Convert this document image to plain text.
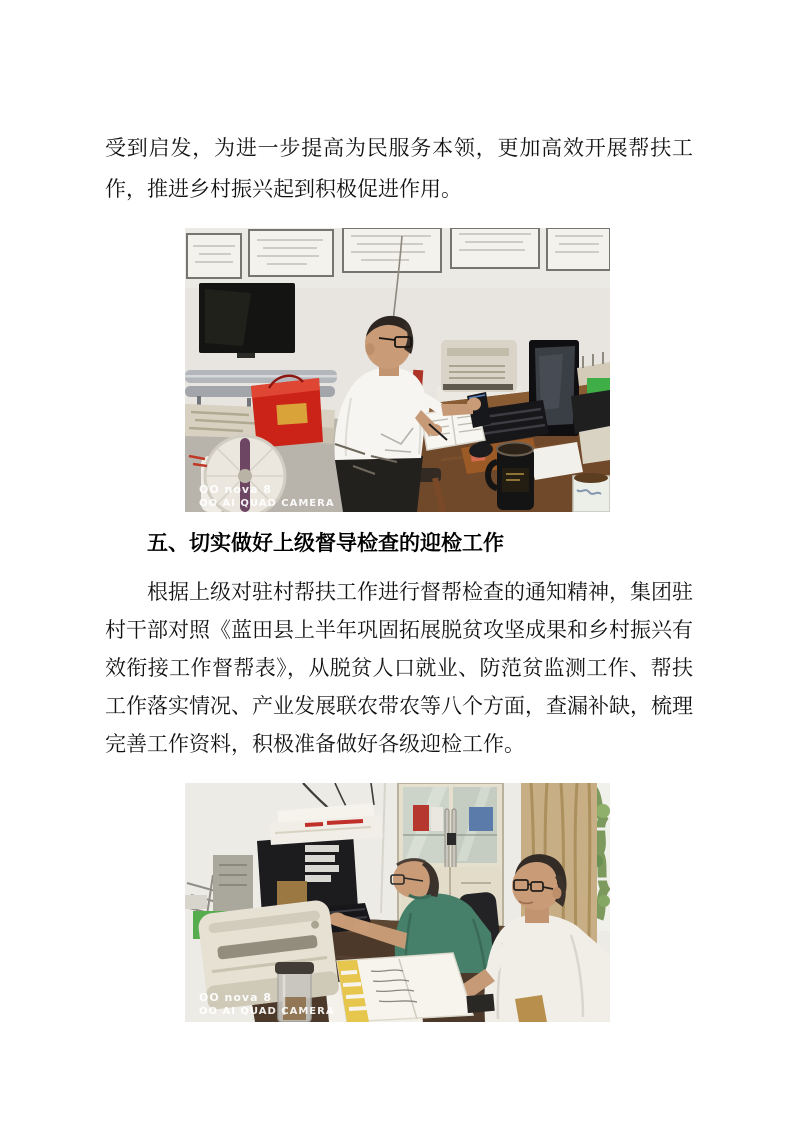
受到启发，为进一步提高为民服务本领，更加高效开展帮扶工作，推进乡村振兴起到积极促进作用。
OO nova 8
OO AI QUAD CAMERA
五、切实做好上级督导检查的迎检工作
根据上级对驻村帮扶工作进行督帮检查的通知精神，集团驻村干部对照《蓝田县上半年巩固拓展脱贫攻坚成果和乡村振兴有效衔接工作督帮表》，从脱贫人口就业、防范贫监测工作、帮扶工作落实情况、产业发展联农带农等八个方面，查漏补缺，梳理完善工作资料，积极准备做好各级迎检工作。
OO nova 8
OO AI QUAD CAMERA
